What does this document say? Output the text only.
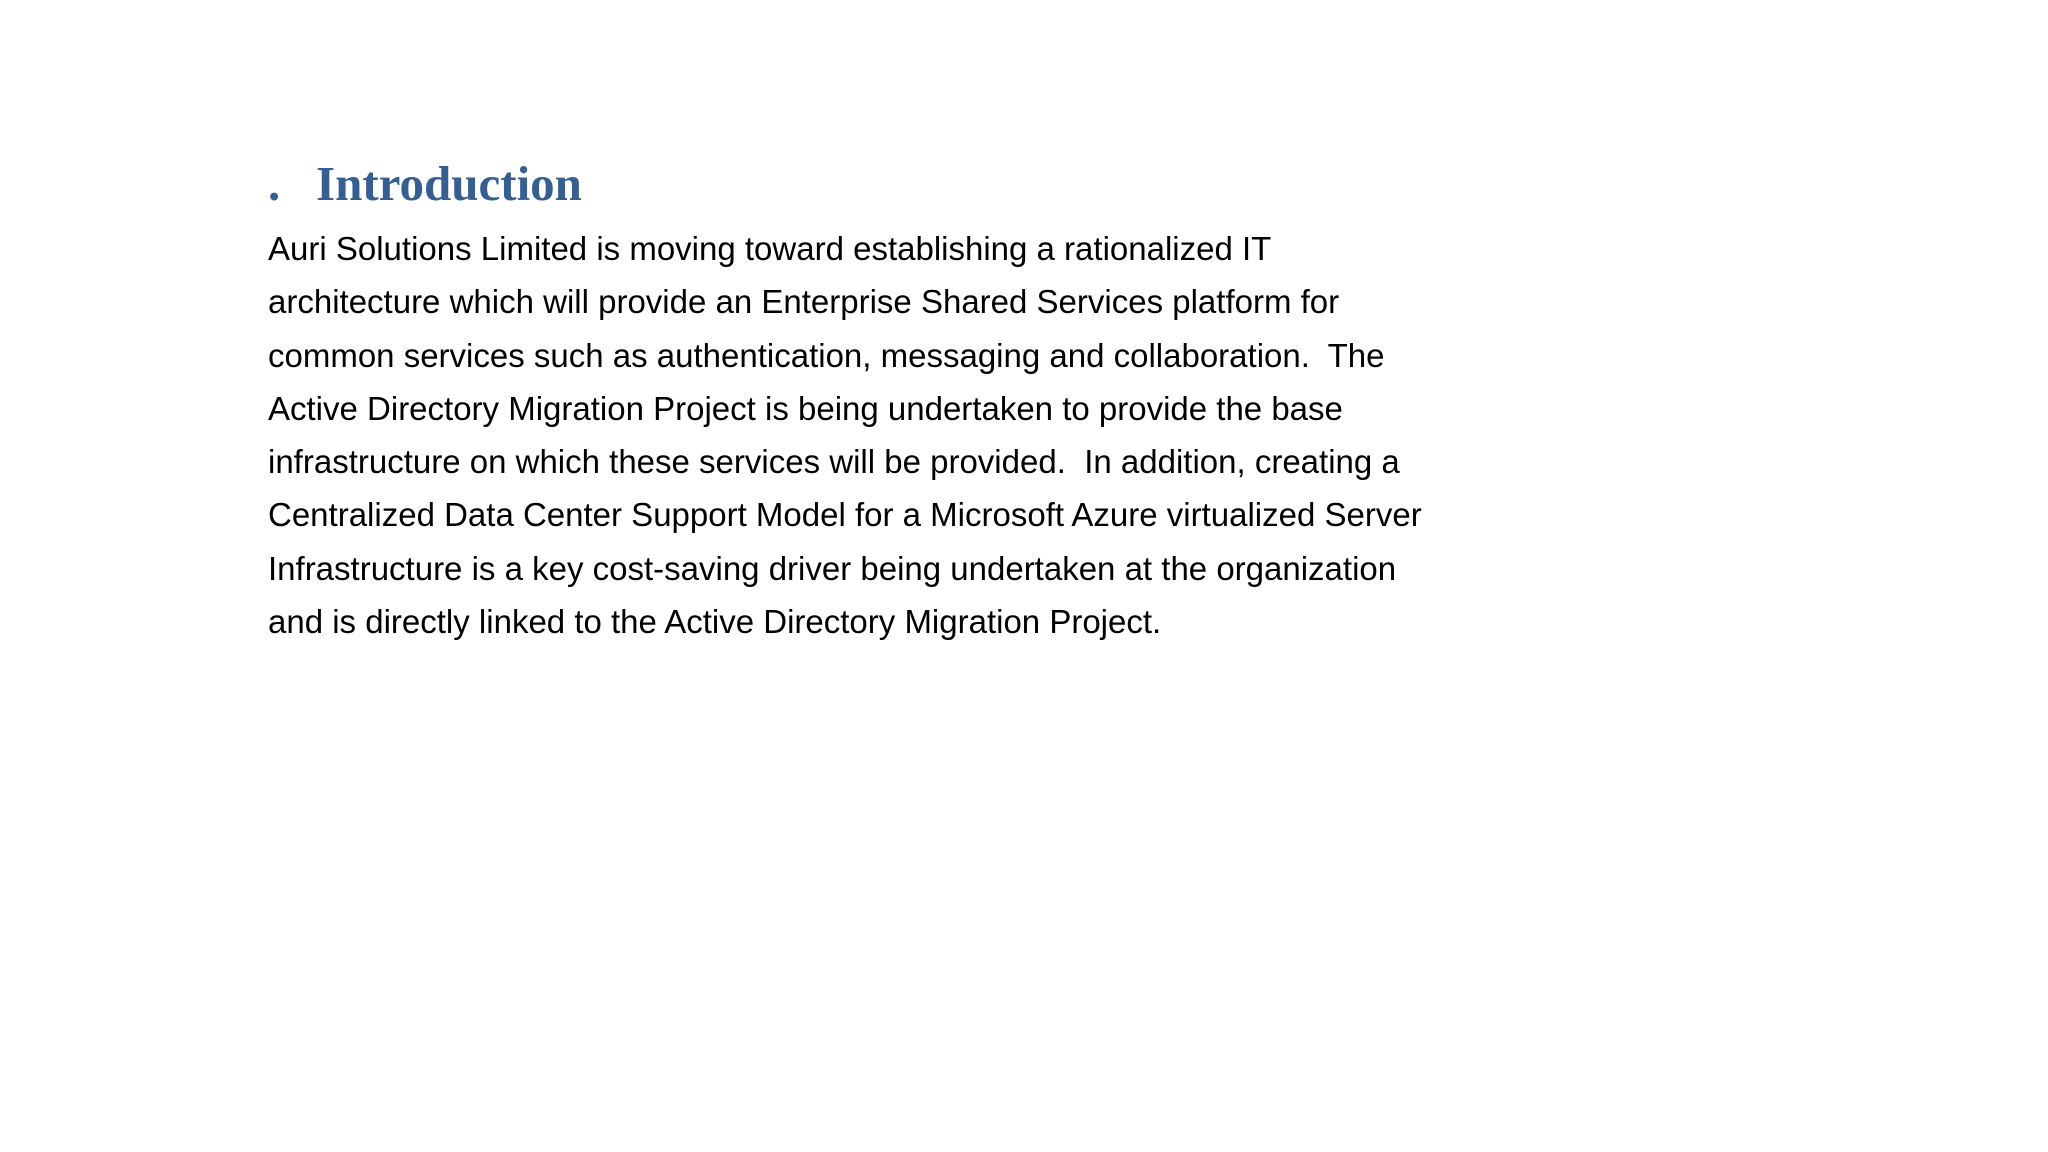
. Introduction

Auri Solutions Limited is moving toward establishing a rationalized IT
architecture which will provide an Enterprise Shared Services platform for
common services such as authentication, messaging and collaboration.  The
Active Directory Migration Project is being undertaken to provide the base
infrastructure on which these services will be provided.  In addition, creating a
Centralized Data Center Support Model for a Microsoft Azure virtualized Server
Infrastructure is a key cost-saving driver being undertaken at the organization
and is directly linked to the Active Directory Migration Project.
